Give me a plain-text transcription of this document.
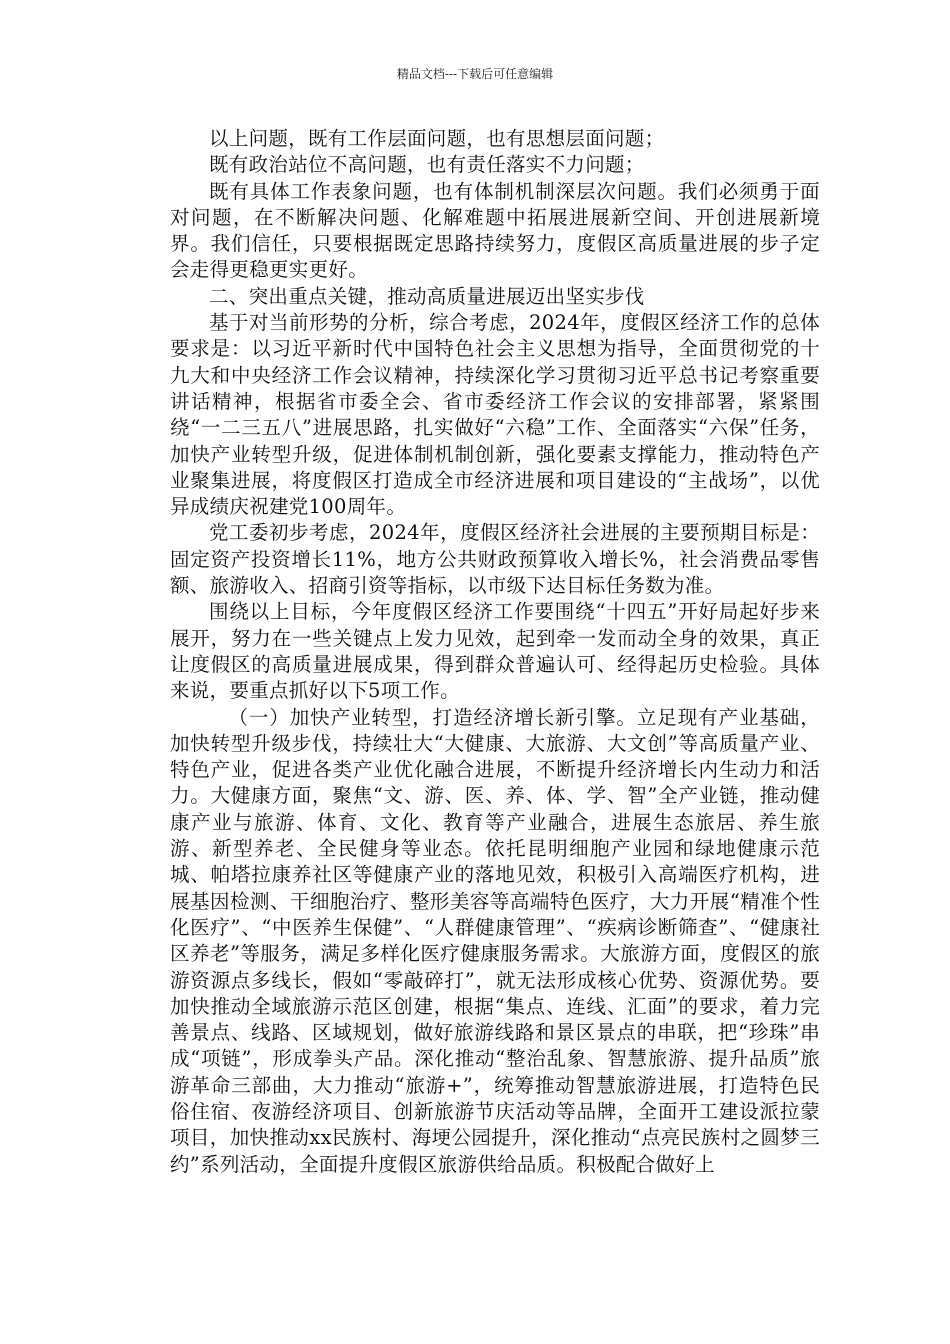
精品文档---下载后可任意编辑

以上问题，既有工作层面问题，也有思想层面问题；

既有政治站位不高问题，也有责任落实不力问题；

既有具体工作表象问题，也有体制机制深层次问题。我们必须勇于面对问题，在不断解决问题、化解难题中拓展进展新空间、开创进展新境界。我们信任，只要根据既定思路持续努力，度假区高质量进展的步子定会走得更稳更实更好。

二、突出重点关键，推动高质量进展迈出坚实步伐

基于对当前形势的分析，综合考虑，2024年，度假区经济工作的总体要求是：以习近平新时代中国特色社会主义思想为指导，全面贯彻党的十九大和中央经济工作会议精神，持续深化学习贯彻习近平总书记考察重要讲话精神，根据省市委全会、省市委经济工作会议的安排部署，紧紧围绕“一二三五八”进展思路，扎实做好“六稳”工作、全面落实“六保”任务，加快产业转型升级，促进体制机制创新，强化要素支撑能力，推动特色产业聚集进展，将度假区打造成全市经济进展和项目建设的“主战场”，以优异成绩庆祝建党100周年。

党工委初步考虑，2024年，度假区经济社会进展的主要预期目标是：固定资产投资增长11%，地方公共财政预算收入增长%，社会消费品零售额、旅游收入、招商引资等指标，以市级下达目标任务数为准。

围绕以上目标，今年度假区经济工作要围绕“十四五”开好局起好步来展开，努力在一些关键点上发力见效，起到牵一发而动全身的效果，真正让度假区的高质量进展成果，得到群众普遍认可、经得起历史检验。具体来说，要重点抓好以下5项工作。

（一）加快产业转型，打造经济增长新引擎。立足现有产业基础，加快转型升级步伐，持续壮大“大健康、大旅游、大文创”等高质量产业、特色产业，促进各类产业优化融合进展，不断提升经济增长内生动力和活力。大健康方面，聚焦“文、游、医、养、体、学、智”全产业链，推动健康产业与旅游、体育、文化、教育等产业融合，进展生态旅居、养生旅游、新型养老、全民健身等业态。依托昆明细胞产业园和绿地健康示范城、帕塔拉康养社区等健康产业的落地见效，积极引入高端医疗机构，进展基因检测、干细胞治疗、整形美容等高端特色医疗，大力开展“精准个性化医疗”、“中医养生保健”、“人群健康管理”、“疾病诊断筛查”、“健康社区养老”等服务，满足多样化医疗健康服务需求。大旅游方面，度假区的旅游资源点多线长，假如“零敲碎打”，就无法形成核心优势、资源优势。要加快推动全域旅游示范区创建，根据“集点、连线、汇面”的要求，着力完善景点、线路、区域规划，做好旅游线路和景区景点的串联，把“珍珠”串成“项链”，形成拳头产品。深化推动“整治乱象、智慧旅游、提升品质”旅游革命三部曲，大力推动“旅游+”，统筹推动智慧旅游进展，打造特色民俗住宿、夜游经济项目、创新旅游节庆活动等品牌，全面开工建设派拉蒙项目，加快推动xx民族村、海埂公园提升，深化推动“点亮民族村之圆梦三约”系列活动，全面提升度假区旅游供给品质。积极配合做好上
